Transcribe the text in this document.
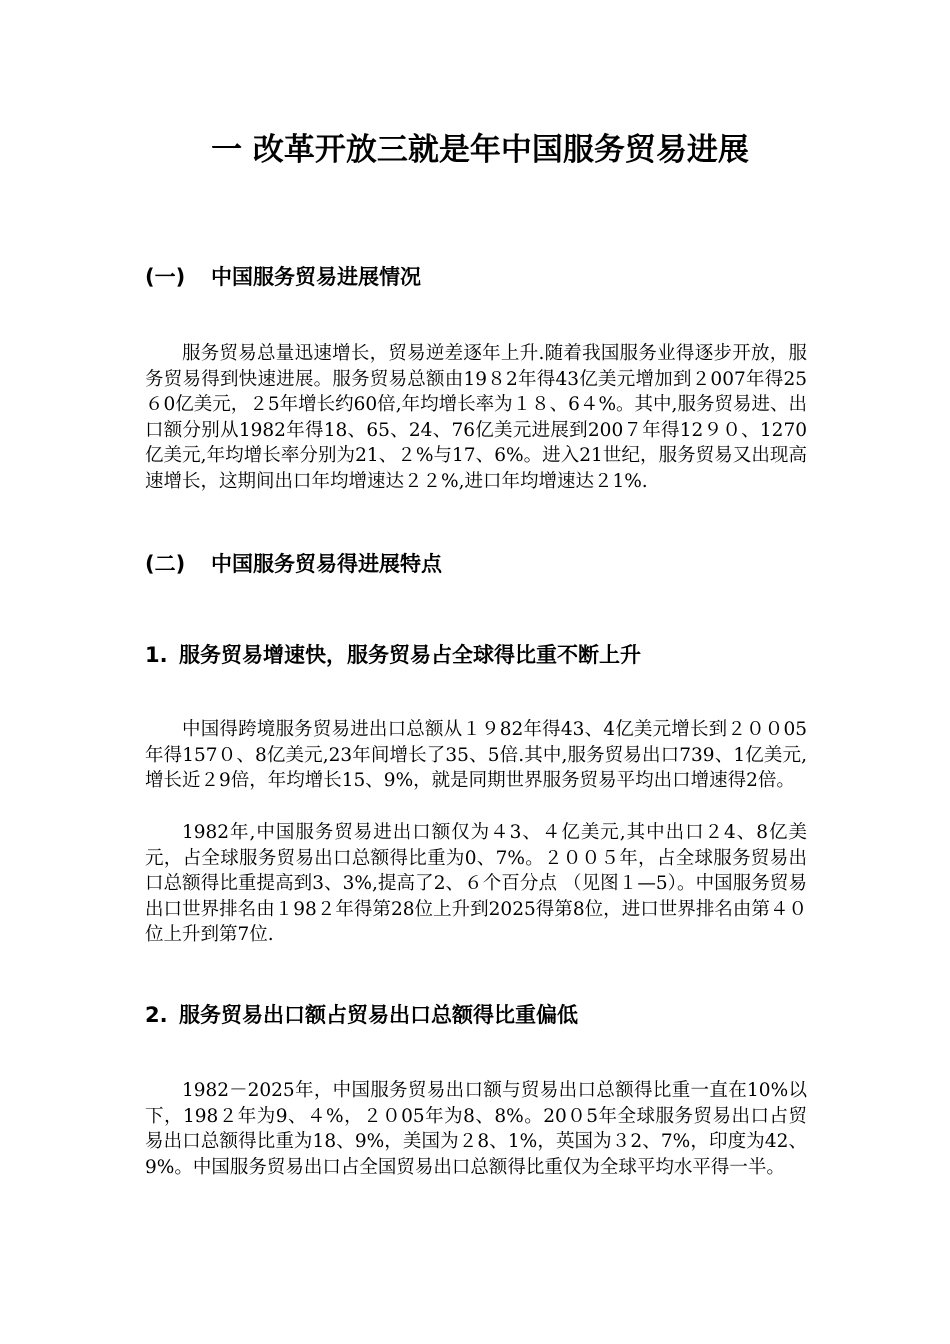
一 改革开放三就是年中国服务贸易进展
(一) 中国服务贸易进展情况

服务贸易总量迅速增长，贸易逆差逐年上升.随着我国服务业得逐步开放，服务贸易得到快速进展。服务贸易总额由19８2年得43亿美元增加到２007年得25６0亿美元，２5年增长约60倍,年均增长率为１８、6４%。其中,服务贸易进、出口额分别从1982年得18、65、24、76亿美元进展到200７年得12９０、1270亿美元,年均增长率分别为21、２%与17、6%。进入21世纪，服务贸易又出现高速增长，这期间出口年均增速达２２%,进口年均增速达２1%.

(二) 中国服务贸易得进展特点
1. 服务贸易增速快，服务贸易占全球得比重不断上升

中国得跨境服务贸易进出口总额从１９82年得43、4亿美元增长到２００05年得157０、8亿美元,23年间增长了35、5倍.其中,服务贸易出口739、1亿美元,增长近２9倍，年均增长15、9%，就是同期世界服务贸易平均出口增速得2倍。

1982年,中国服务贸易进出口额仅为４3、４亿美元,其中出口２4、8亿美元，占全球服务贸易出口总额得比重为0、7%。２００５年，占全球服务贸易出口总额得比重提高到3、3%,提高了2、６个百分点 （见图１—5）。中国服务贸易出口世界排名由１98２年得第28位上升到2025得第8位，进口世界排名由第４０位上升到第7位.

2. 服务贸易出口额占贸易出口总额得比重偏低

1982－2025年，中国服务贸易出口额与贸易出口总额得比重一直在10%以下，198２年为9、４%，２０05年为8、8%。20０5年全球服务贸易出口占贸易出口总额得比重为18、9%，美国为２8、1%，英国为３2、7%，印度为42、9%。中国服务贸易出口占全国贸易出口总额得比重仅为全球平均水平得一半。
